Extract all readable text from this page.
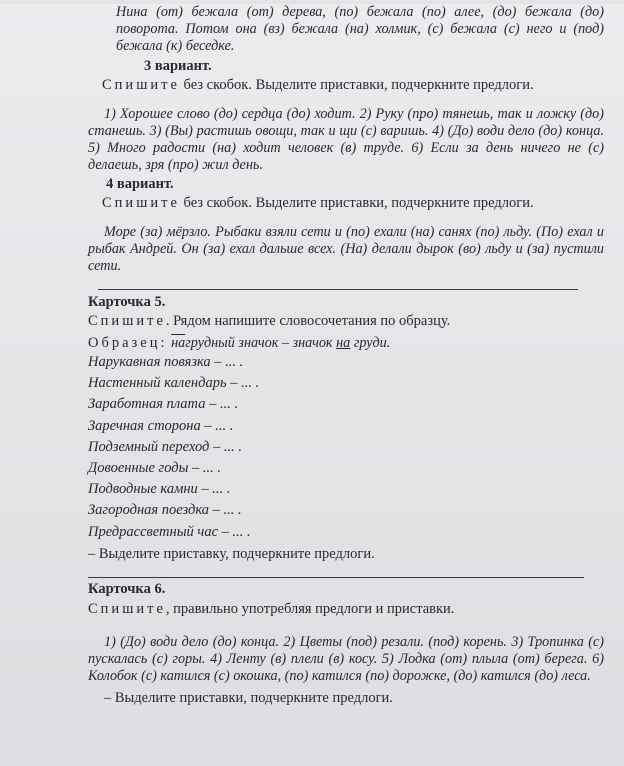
Нина (от) бежала (от) дерева, (по) бежала (по) алее, (до) бежала (до) поворота. Потом она (вз) бежала (на) холмик, (с) бежала (с) него и (под) бежала (к) беседке.

3 вариант.

Спишите без скобок. Выделите приставки, подчеркните предлоги.

1) Хорошее слово (до) сердца (до) ходит. 2) Руку (про) тянешь, так и ложку (до) станешь. 3) (Вы) растишь овощи, так и щи (с) варишь. 4) (До) води дело (до) конца. 5) Много радости (на) ходит человек (в) труде. 6) Если за день ничего не (с) делаешь, зря (про) жил день.

4 вариант.

Спишите без скобок. Выделите приставки, подчеркните предлоги.

Море (за) мёрзло. Рыбаки взяли сети и (по) ехали (на) санях (по) льду. (По) ехал и рыбак Андрей. Он (за) ехал дальше всех. (На) делали дырок (во) льду и (за) пустили сети.

Карточка 5.

Спишите. Рядом напишите словосочетания по образцу.

Образец: нагрудный значок – значок на груди.

Нарукавная повязка – ... .

Настенный календарь – ... .

Заработная плата – ... .

Заречная сторона – ... .

Подземный переход – ... .

Довоенные годы – ... .

Подводные камни – ... .

Загородная поездка – ... .

Предрассветный час – ... .

– Выделите приставку, подчеркните предлоги.

Карточка 6.

Спишите, правильно употребляя предлоги и приставки.

1) (До) води дело (до) конца. 2) Цветы (под) резали. (под) корень. 3) Тропинка (с) пускалась (с) горы. 4) Ленту (в) плели (в) косу. 5) Лодка (от) плыла (от) берега. 6) Колобок (с) катился (с) окошка, (по) катился (по) дорожке, (до) катился (до) леса.

– Выделите приставки, подчеркните предлоги.
